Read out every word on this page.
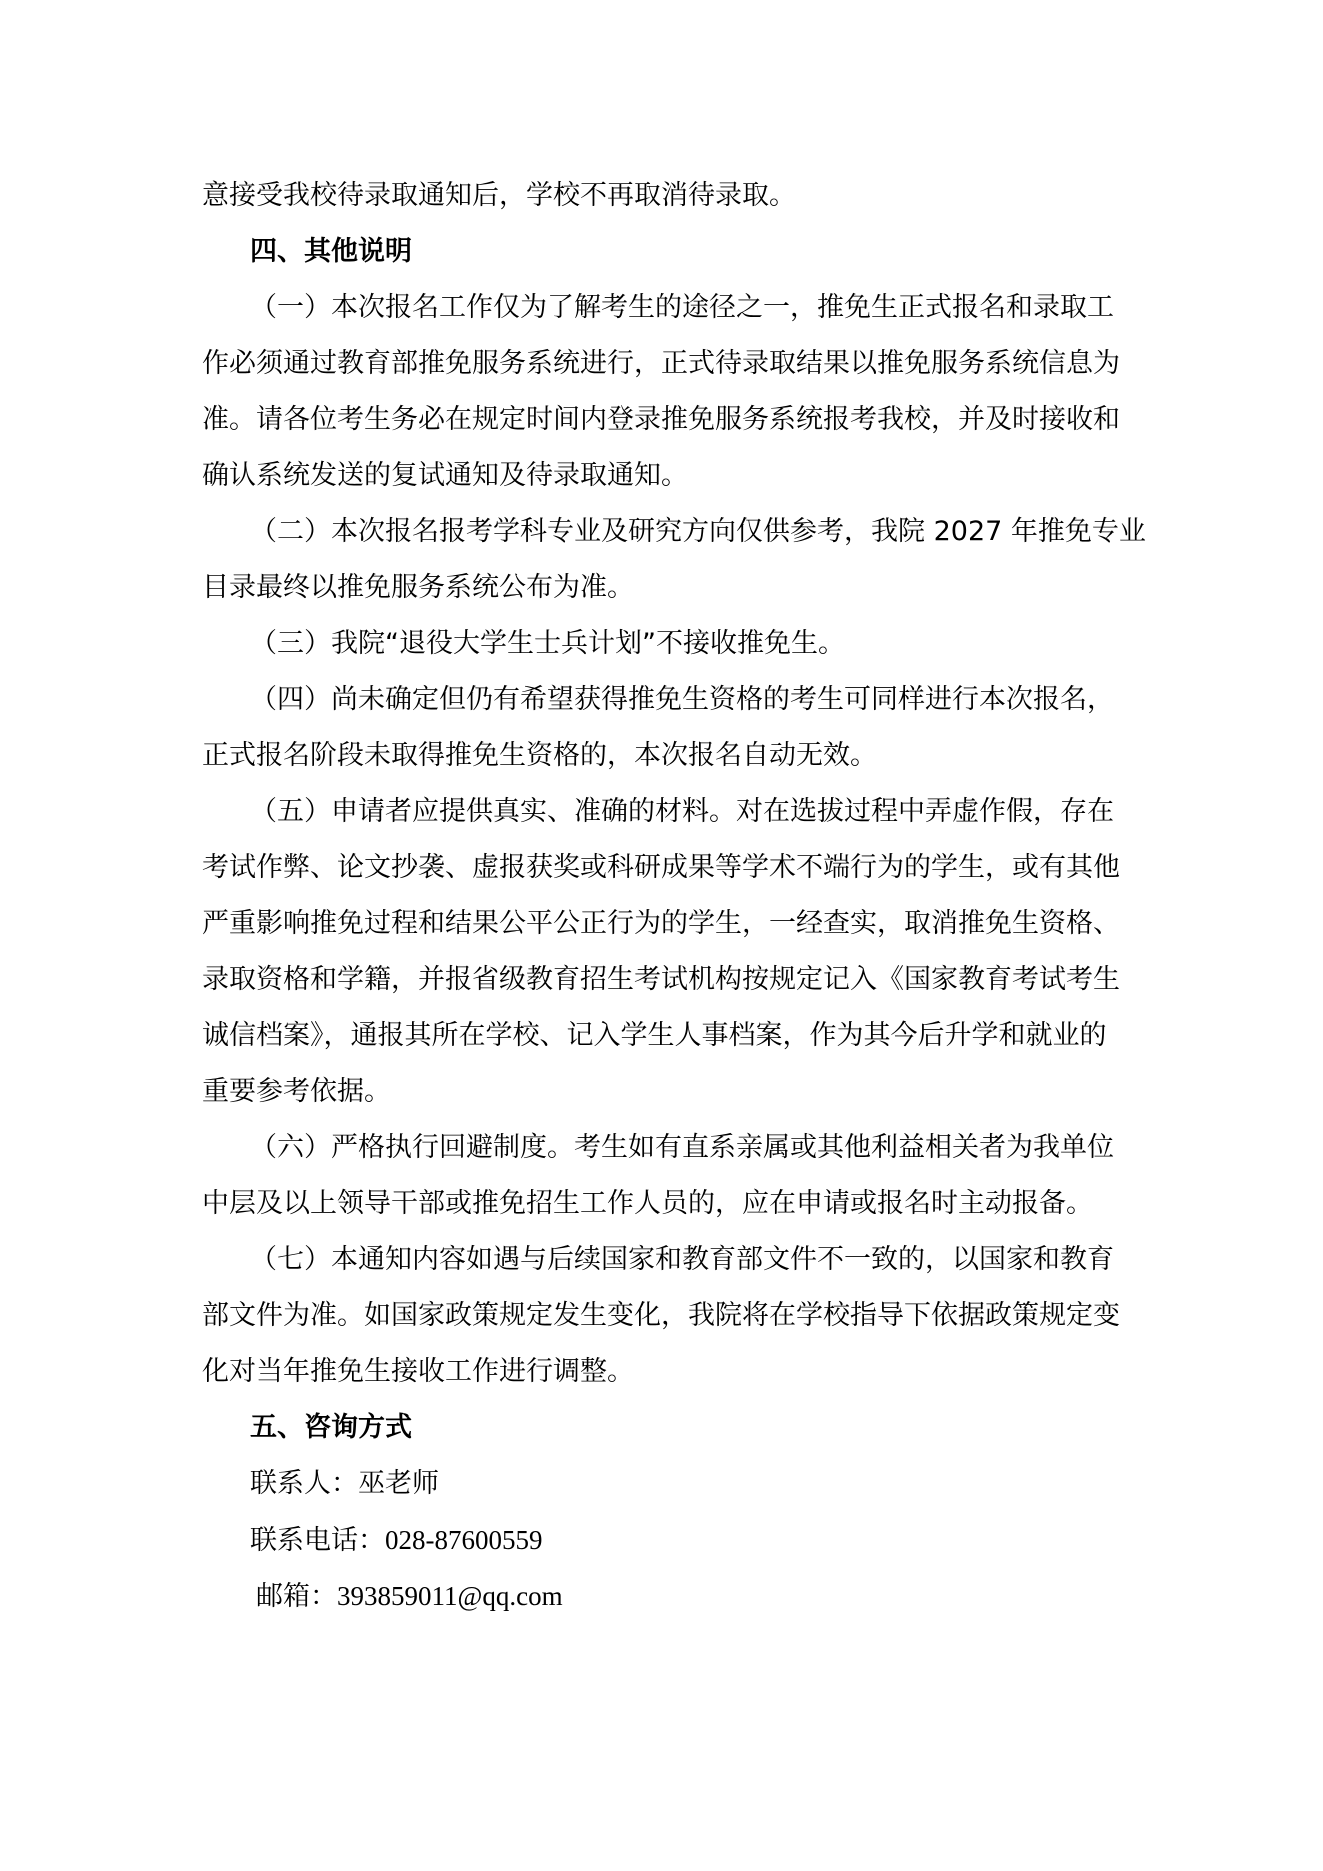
意接受我校待录取通知后，学校不再取消待录取。
四、其他说明
（一）本次报名工作仅为了解考生的途径之一，推免生正式报名和录取工
作必须通过教育部推免服务系统进行，正式待录取结果以推免服务系统信息为
准。请各位考生务必在规定时间内登录推免服务系统报考我校，并及时接收和
确认系统发送的复试通知及待录取通知。
（二）本次报名报考学科专业及研究方向仅供参考，我院 2027 年推免专业
目录最终以推免服务系统公布为准。
（三）我院“退役大学生士兵计划”不接收推免生。
（四）尚未确定但仍有希望获得推免生资格的考生可同样进行本次报名，
正式报名阶段未取得推免生资格的，本次报名自动无效。
（五）申请者应提供真实、准确的材料。对在选拔过程中弄虚作假，存在
考试作弊、论文抄袭、虚报获奖或科研成果等学术不端行为的学生，或有其他
严重影响推免过程和结果公平公正行为的学生，一经查实，取消推免生资格、
录取资格和学籍，并报省级教育招生考试机构按规定记入《国家教育考试考生
诚信档案》，通报其所在学校、记入学生人事档案，作为其今后升学和就业的
重要参考依据。
（六）严格执行回避制度。考生如有直系亲属或其他利益相关者为我单位
中层及以上领导干部或推免招生工作人员的，应在申请或报名时主动报备。
（七）本通知内容如遇与后续国家和教育部文件不一致的，以国家和教育
部文件为准。如国家政策规定发生变化，我院将在学校指导下依据政策规定变
化对当年推免生接收工作进行调整。
五、咨询方式
联系人：巫老师
联系电话：028-87600559
邮箱：393859011@qq.com
